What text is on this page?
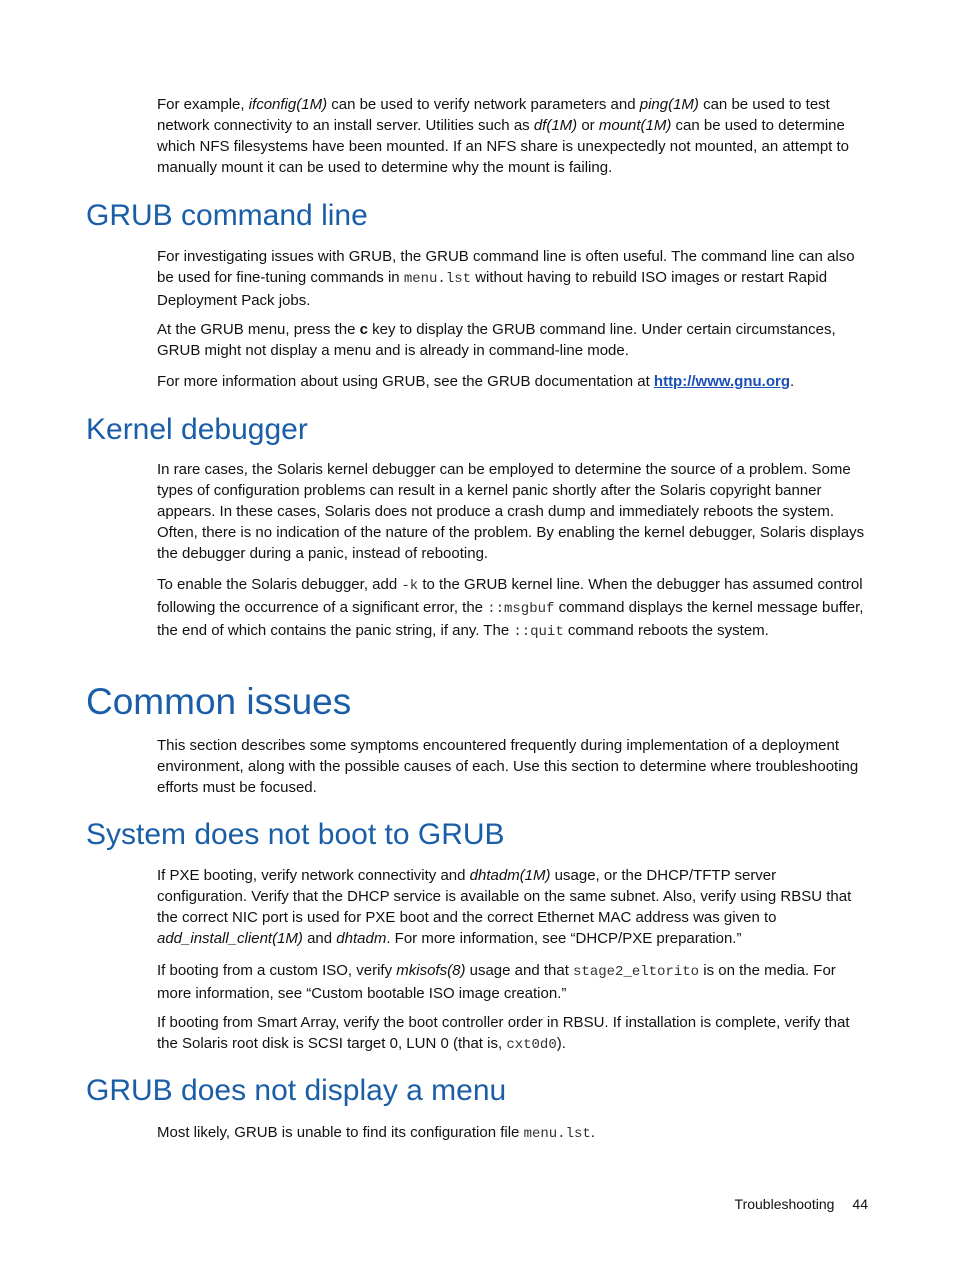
For example, ifconfig(1M) can be used to verify network parameters and ping(1M) can be used to test network connectivity to an install server. Utilities such as df(1M) or mount(1M) can be used to determine which NFS filesystems have been mounted. If an NFS share is unexpectedly not mounted, an attempt to manually mount it can be used to determine why the mount is failing.

GRUB command line

For investigating issues with GRUB, the GRUB command line is often useful. The command line can also be used for fine-tuning commands in menu.lst without having to rebuild ISO images or restart Rapid Deployment Pack jobs.

At the GRUB menu, press the c key to display the GRUB command line. Under certain circumstances, GRUB might not display a menu and is already in command-line mode.

For more information about using GRUB, see the GRUB documentation at http://www.gnu.org.

Kernel debugger

In rare cases, the Solaris kernel debugger can be employed to determine the source of a problem. Some types of configuration problems can result in a kernel panic shortly after the Solaris copyright banner appears. In these cases, Solaris does not produce a crash dump and immediately reboots the system. Often, there is no indication of the nature of the problem. By enabling the kernel debugger, Solaris displays the debugger during a panic, instead of rebooting.

To enable the Solaris debugger, add -k to the GRUB kernel line. When the debugger has assumed control following the occurrence of a significant error, the ::msgbuf command displays the kernel message buffer, the end of which contains the panic string, if any. The ::quit command reboots the system.

Common issues

This section describes some symptoms encountered frequently during implementation of a deployment environment, along with the possible causes of each. Use this section to determine where troubleshooting efforts must be focused.

System does not boot to GRUB

If PXE booting, verify network connectivity and dhtadm(1M) usage, or the DHCP/TFTP server configuration. Verify that the DHCP service is available on the same subnet. Also, verify using RBSU that the correct NIC port is used for PXE boot and the correct Ethernet MAC address was given to add_install_client(1M) and dhtadm. For more information, see “DHCP/PXE preparation.”

If booting from a custom ISO, verify mkisofs(8) usage and that stage2_eltorito is on the media. For more information, see “Custom bootable ISO image creation.”

If booting from Smart Array, verify the boot controller order in RBSU. If installation is complete, verify that the Solaris root disk is SCSI target 0, LUN 0 (that is, cxt0d0).

GRUB does not display a menu

Most likely, GRUB is unable to find its configuration file menu.lst.

Troubleshooting 44
